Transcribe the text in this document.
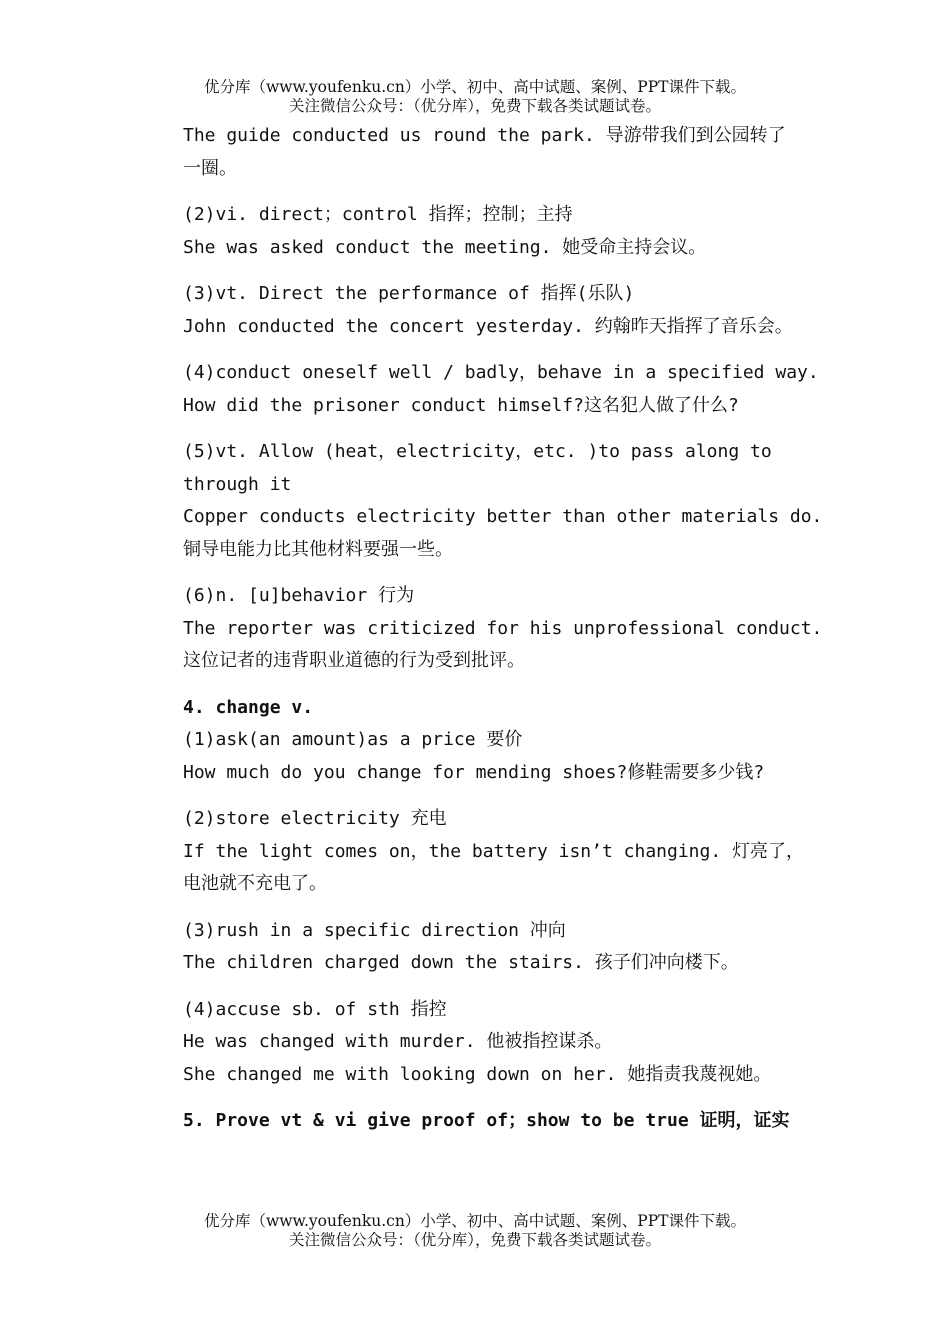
优分库（www.youfenku.cn）小学、初中、高中试题、案例、PPT课件下载。
关注微信公众号：（优分库），免费下载各类试题试卷。
The guide conducted us round the park. 导游带我们到公园转了
一圈。
(2)vi. direct；control 指挥；控制；主持
She was asked conduct the meeting. 她受命主持会议。
(3)vt. Direct the performance of 指挥(乐队)
John conducted the concert yesterday. 约翰昨天指挥了音乐会。
(4)conduct oneself well / badly，behave in a specified way.
How did the prisoner conduct himself?这名犯人做了什么?
(5)vt. Allow (heat，electricity，etc. )to pass along to
through it
Copper conducts electricity better than other materials do.
铜导电能力比其他材料要强一些。
(6)n. [u]behavior 行为
The reporter was criticized for his unprofessional conduct.
这位记者的违背职业道德的行为受到批评。
4. change v.
(1)ask(an amount)as a price 要价
How much do you change for mending shoes?修鞋需要多少钱?
(2)store electricity 充电
If the light comes on，the battery isn’t changing. 灯亮了，
电池就不充电了。
(3)rush in a specific direction 冲向
The children charged down the stairs. 孩子们冲向楼下。
(4)accuse sb. of sth 指控
He was changed with murder. 他被指控谋杀。
She changed me with looking down on her. 她指责我蔑视她。
5. Prove vt & vi give proof of；show to be true 证明，证实
优分库（www.youfenku.cn）小学、初中、高中试题、案例、PPT课件下载。
关注微信公众号：（优分库），免费下载各类试题试卷。
